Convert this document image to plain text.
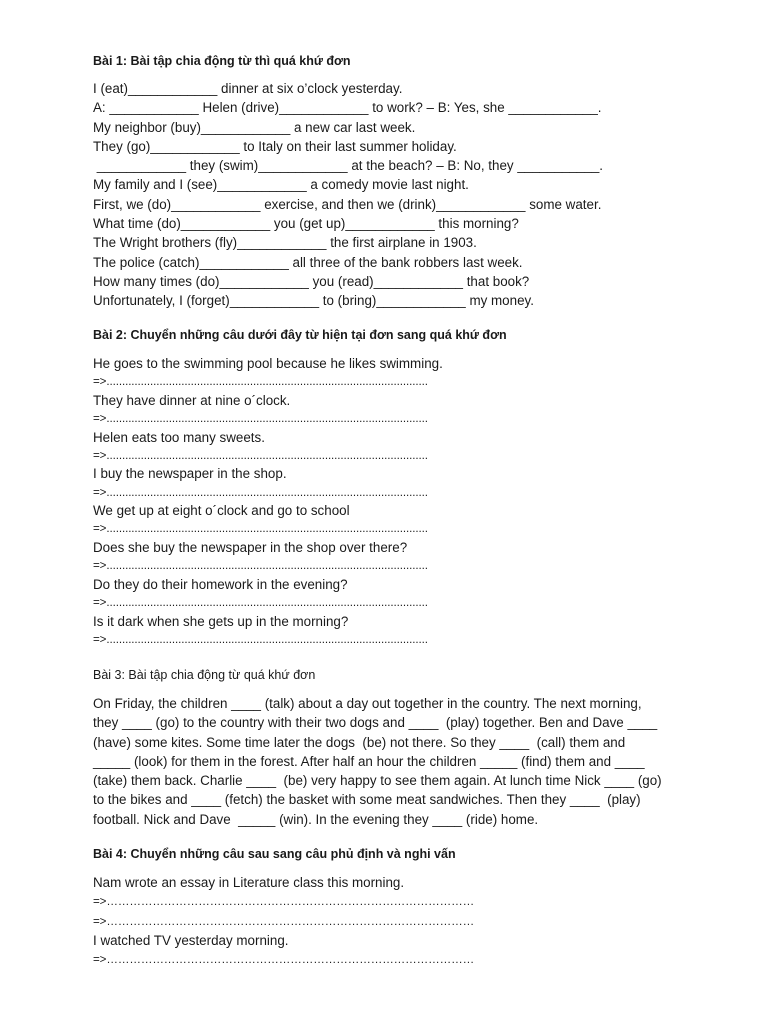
Bài 1: Bài tập chia động từ thì quá khứ đơn
I (eat)____________ dinner at six o’clock yesterday.
A: ____________ Helen (drive)____________ to work? – B: Yes, she ____________.
My neighbor (buy)____________ a new car last week.
They (go)____________ to Italy on their last summer holiday.
____________ they (swim)____________ at the beach? – B: No, they ___________.
My family and I (see)____________ a comedy movie last night.
First, we (do)____________ exercise, and then we (drink)____________ some water.
What time (do)____________ you (get up)____________ this morning?
The Wright brothers (fly)____________ the first airplane in 1903.
The police (catch)____________ all three of the bank robbers last week.
How many times (do)____________ you (read)____________ that book?
Unfortunately, I (forget)____________ to (bring)____________ my money.
Bài 2: Chuyển những câu dưới đây từ hiện tại đơn sang quá khứ đơn
He goes to the swimming pool because he likes swimming.
=>.......................................................................................................
They have dinner at nine o´clock.
=>.......................................................................................................
Helen eats too many sweets.
=>.......................................................................................................
I buy the newspaper in the shop.
=>.......................................................................................................
We get up at eight o´clock and go to school
=>.......................................................................................................
Does she buy the newspaper in the shop over there?
=>.......................................................................................................
Do they do their homework in the evening?
=>.......................................................................................................
Is it dark when she gets up in the morning?
=>.......................................................................................................
Bài 3: Bài tập chia động từ quá khứ đơn
On Friday, the children ____ (talk) about a day out together in the country. The next morning,
they ____ (go) to the country with their two dogs and ____  (play) together. Ben and Dave ____
(have) some kites. Some time later the dogs  (be) not there. So they ____  (call) them and
_____ (look) for them in the forest. After half an hour the children _____ (find) them and ____
(take) them back. Charlie ____  (be) very happy to see them again. At lunch time Nick ____ (go)
to the bikes and ____ (fetch) the basket with some meat sandwiches. Then they ____  (play)
football. Nick and Dave  _____ (win). In the evening they ____ (ride) home.
Bài 4: Chuyển những câu sau sang câu phủ định và nghi vấn
Nam wrote an essay in Literature class this morning.
=>……………………………………………………………………………………
=>……………………………………………………………………………………
I watched TV yesterday morning.
=>……………………………………………………………………………………
